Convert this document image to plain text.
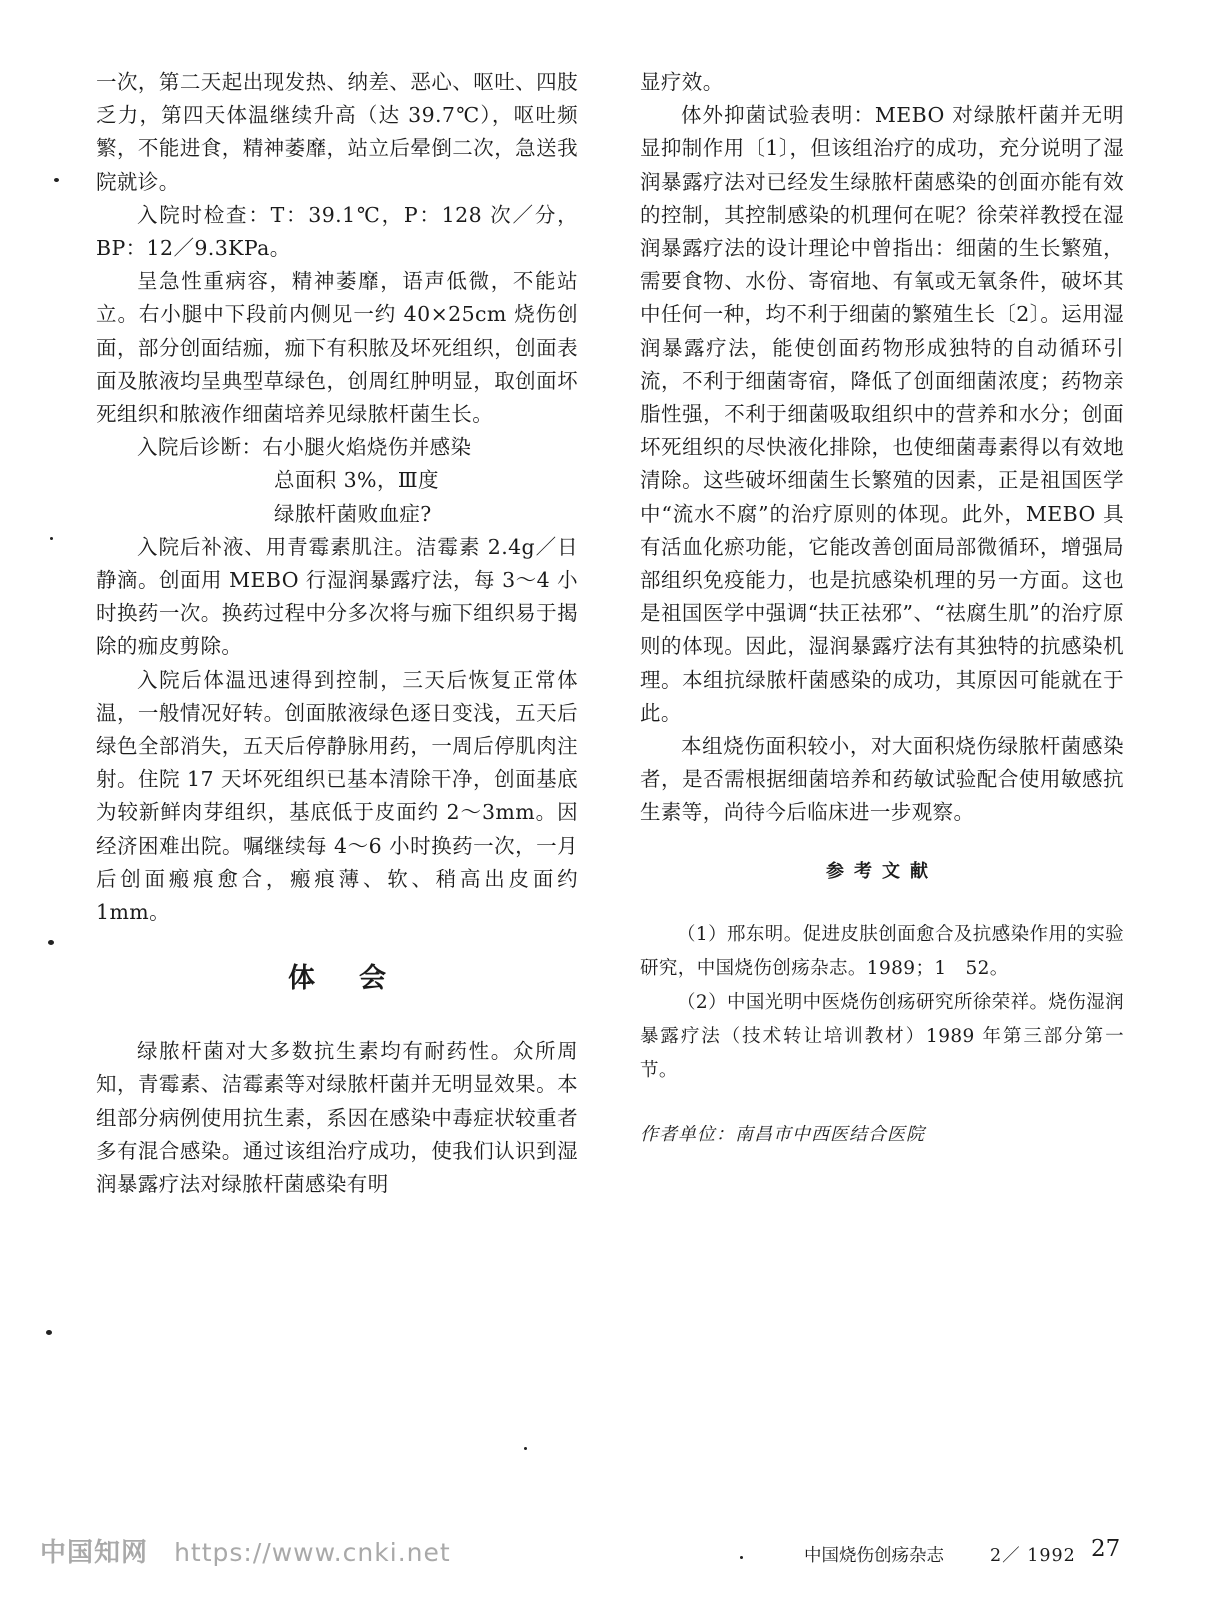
一次，第二天起出现发热、纳差、恶心、呕吐、四肢乏力，第四天体温继续升高（达 39.7℃），呕吐频繁，不能进食，精神萎靡，站立后晕倒二次，急送我院就诊。

入院时检查：T：39.1℃，P：128 次／分，BP：12／9.3KPa。

呈急性重病容，精神萎靡，语声低微，不能站立。右小腿中下段前内侧见一约 40×25cm 烧伤创面，部分创面结痂，痂下有积脓及坏死组织，创面表面及脓液均呈典型草绿色，创周红肿明显，取创面坏死组织和脓液作细菌培养见绿脓杆菌生长。

入院后诊断：右小腿火焰烧伤并感染

总面积 3%，Ⅲ度

绿脓杆菌败血症?

入院后补液、用青霉素肌注。洁霉素 2.4g／日静滴。创面用 MEBO 行湿润暴露疗法，每 3～4 小时换药一次。换药过程中分多次将与痂下组织易于揭除的痂皮剪除。

入院后体温迅速得到控制，三天后恢复正常体温，一般情况好转。创面脓液绿色逐日变浅，五天后绿色全部消失，五天后停静脉用药，一周后停肌肉注射。住院 17 天坏死组织已基本清除干净，创面基底为较新鲜肉芽组织，基底低于皮面约 2～3mm。因经济困难出院。嘱继续每 4～6 小时换药一次，一月后创面瘢痕愈合，瘢痕薄、软、稍高出皮面约 1mm。

体会

绿脓杆菌对大多数抗生素均有耐药性。众所周知，青霉素、洁霉素等对绿脓杆菌并无明显效果。本组部分病例使用抗生素，系因在感染中毒症状较重者多有混合感染。通过该组治疗成功，使我们认识到湿润暴露疗法对绿脓杆菌感染有明

显疗效。

体外抑菌试验表明：MEBO 对绿脓杆菌并无明显抑制作用〔1〕，但该组治疗的成功，充分说明了湿润暴露疗法对已经发生绿脓杆菌感染的创面亦能有效的控制，其控制感染的机理何在呢？徐荣祥教授在湿润暴露疗法的设计理论中曾指出：细菌的生长繁殖，需要食物、水份、寄宿地、有氧或无氧条件，破坏其中任何一种，均不利于细菌的繁殖生长〔2〕。运用湿润暴露疗法，能使创面药物形成独特的自动循环引流，不利于细菌寄宿，降低了创面细菌浓度；药物亲脂性强，不利于细菌吸取组织中的营养和水分；创面坏死组织的尽快液化排除，也使细菌毒素得以有效地清除。这些破坏细菌生长繁殖的因素，正是祖国医学中“流水不腐”的治疗原则的体现。此外，MEBO 具有活血化瘀功能，它能改善创面局部微循环，增强局部组织免疫能力，也是抗感染机理的另一方面。这也是祖国医学中强调“扶正祛邪”、“祛腐生肌”的治疗原则的体现。因此，湿润暴露疗法有其独特的抗感染机理。本组抗绿脓杆菌感染的成功，其原因可能就在于此。

本组烧伤面积较小，对大面积烧伤绿脓杆菌感染者，是否需根据细菌培养和药敏试验配合使用敏感抗生素等，尚待今后临床进一步观察。

参考文献

（1）邢东明。促进皮肤创面愈合及抗感染作用的实验研究，中国烧伤创疡杂志。1989；1　52。

（2）中国光明中医烧伤创疡研究所徐荣祥。烧伤湿润暴露疗法（技术转让培训教材）1989 年第三部分第一节。

作者单位：南昌市中西医结合医院

中国知网 https://www.cnki.net	中国烧伤创疡杂志	2／ 1992 27
